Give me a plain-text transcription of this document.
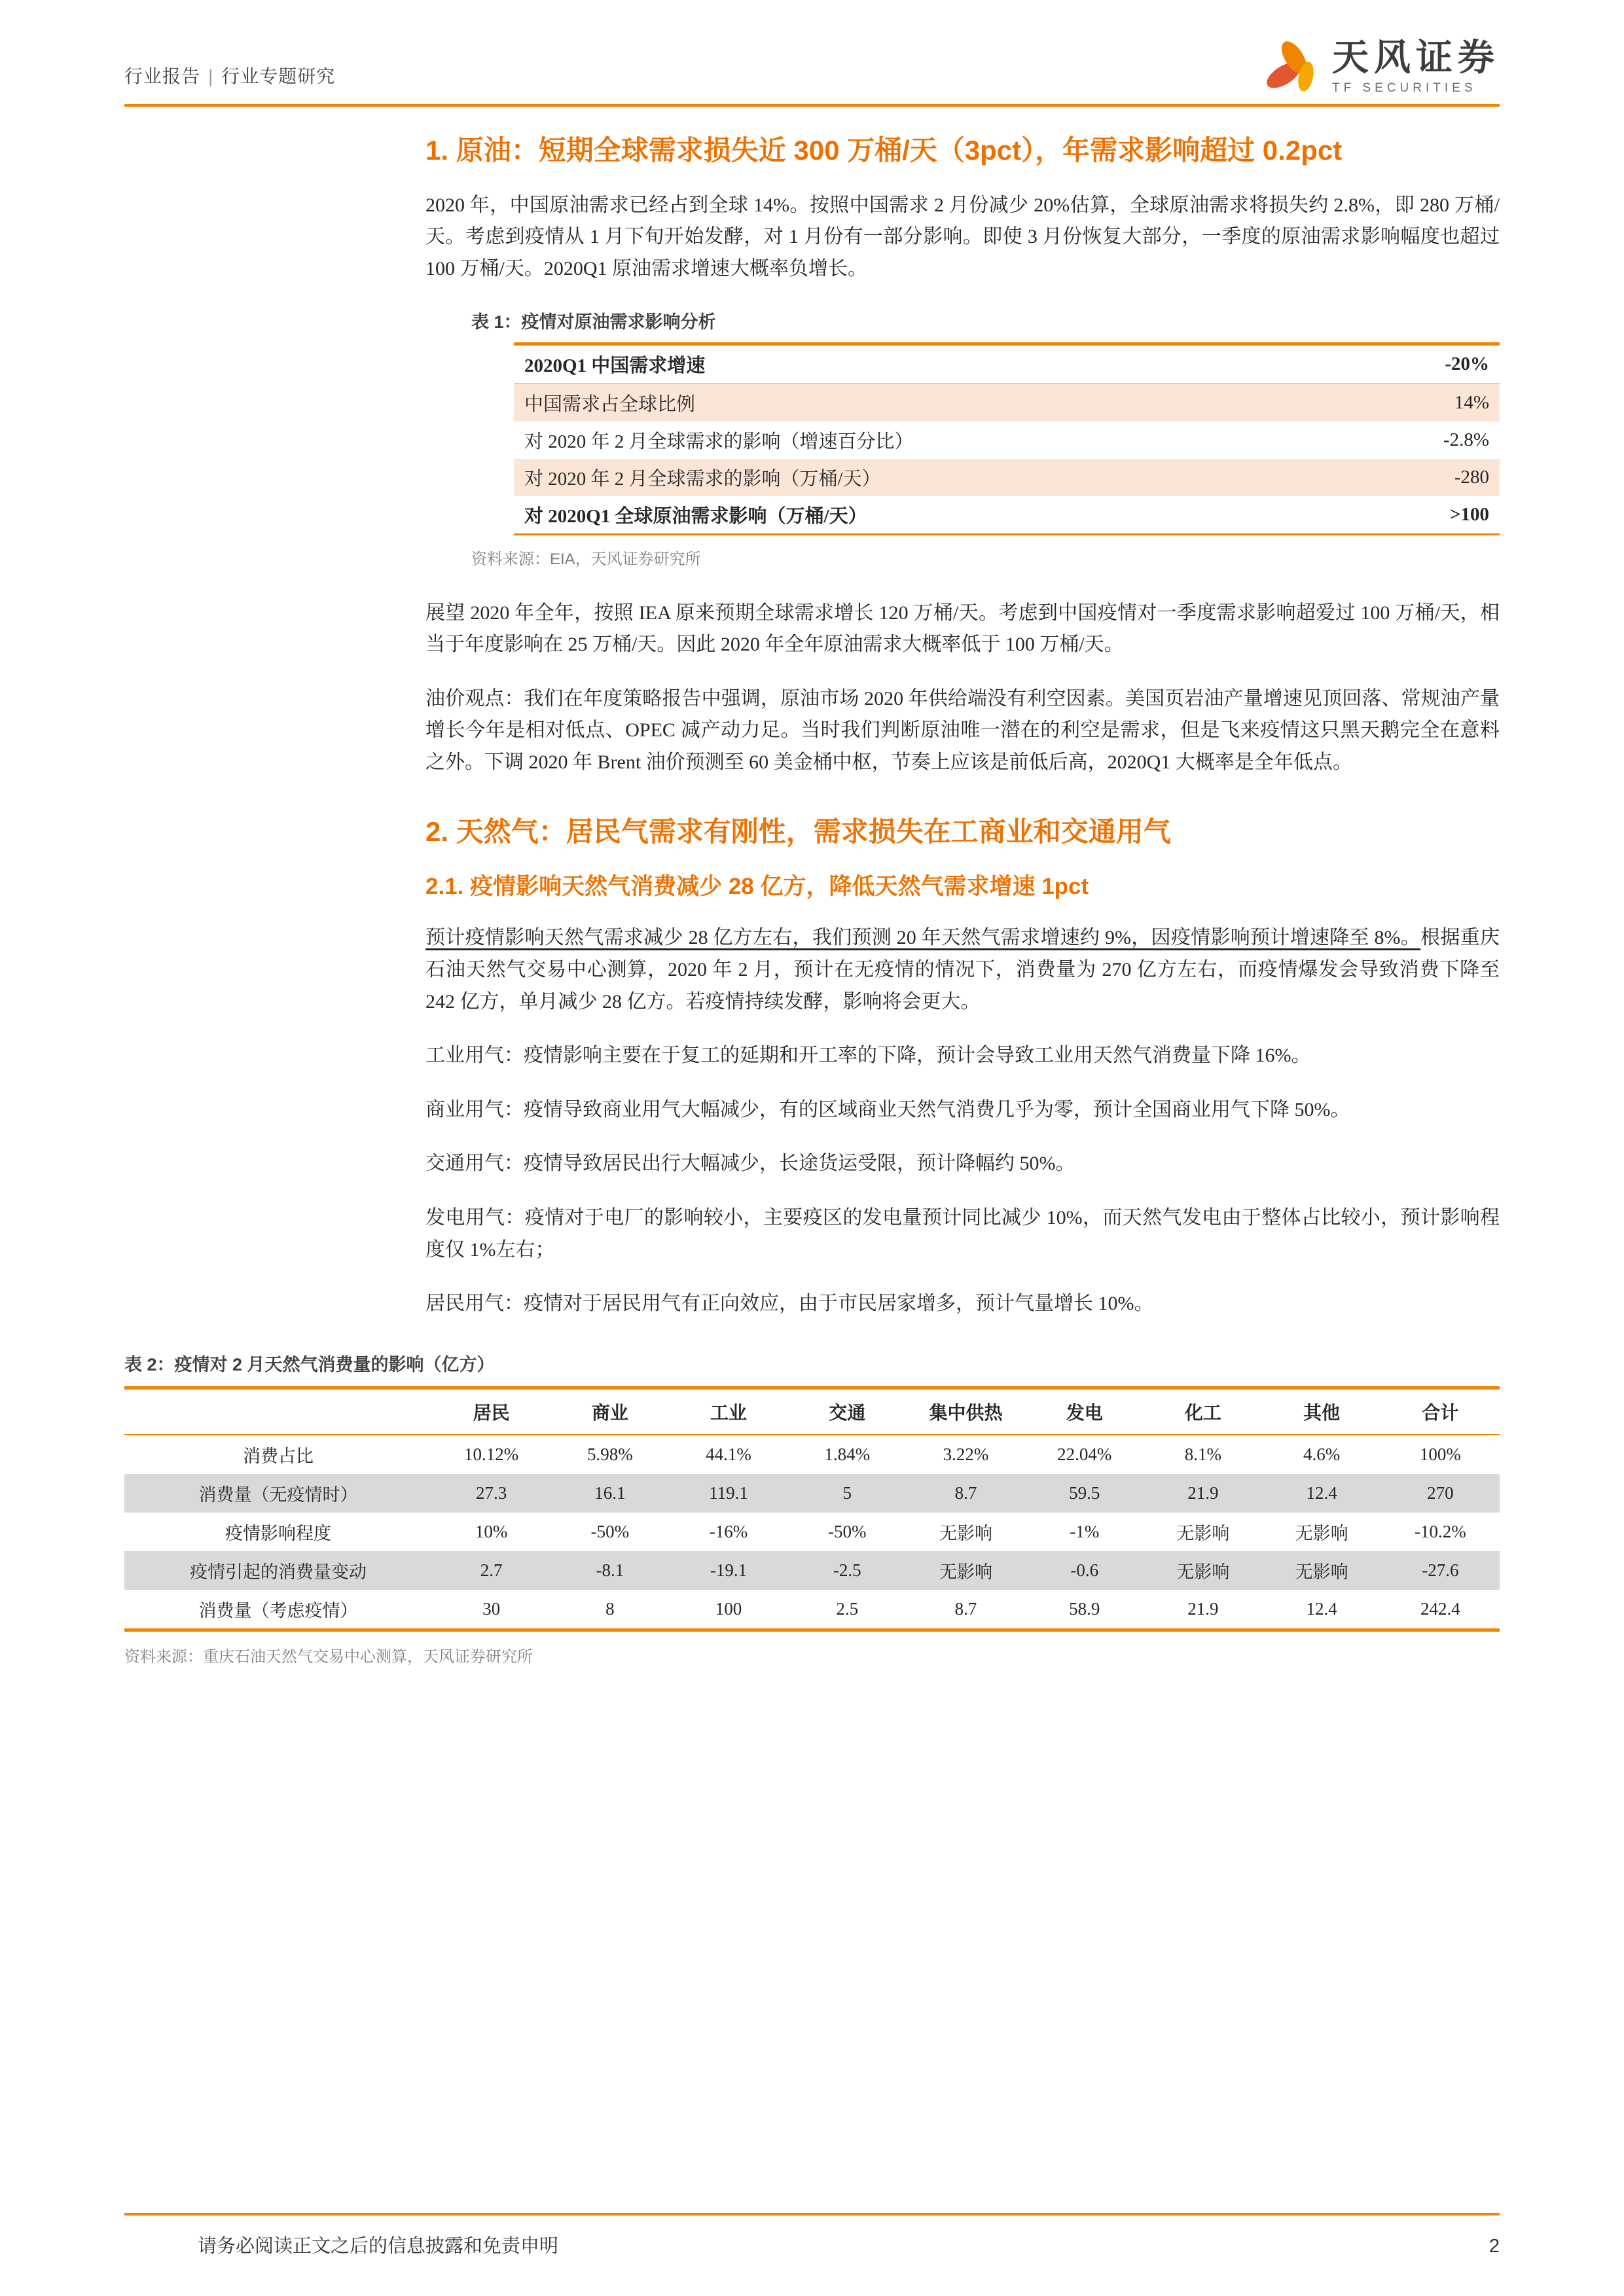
行业报告 | 行业专题研究	天风证券
TF SECURITIES
1. 原油：短期全球需求损失近 300 万桶/天（3pct），年需求影响超过 0.2pct

2020 年，中国原油需求已经占到全球 14%。按照中国需求 2 月份减少 20%估算，全球原油需求将损失约 2.8%，即 280 万桶/天。考虑到疫情从 1 月下旬开始发酵，对 1 月份有一部分影响。即使 3 月份恢复大部分，一季度的原油需求影响幅度也超过 100 万桶/天。2020Q1 原油需求增速大概率负增长。

表 1：疫情对原油需求影响分析
2020Q1 中国需求增速	-20%
中国需求占全球比例	14%
对 2020 年 2 月全球需求的影响（增速百分比）	-2.8%
对 2020 年 2 月全球需求的影响（万桶/天）	-280
对 2020Q1 全球原油需求影响（万桶/天）	>100
资料来源：EIA，天风证券研究所

展望 2020 年全年，按照 IEA 原来预期全球需求增长 120 万桶/天。考虑到中国疫情对一季度需求影响超爱过 100 万桶/天，相当于年度影响在 25 万桶/天。因此 2020 年全年原油需求大概率低于 100 万桶/天。

油价观点：我们在年度策略报告中强调，原油市场 2020 年供给端没有利空因素。美国页岩油产量增速见顶回落、常规油产量增长今年是相对低点、OPEC 减产动力足。当时我们判断原油唯一潜在的利空是需求，但是飞来疫情这只黑天鹅完全在意料之外。下调 2020 年 Brent 油价预测至 60 美金桶中枢，节奏上应该是前低后高，2020Q1 大概率是全年低点。

2. 天然气：居民气需求有刚性，需求损失在工商业和交通用气
2.1. 疫情影响天然气消费减少 28 亿方，降低天然气需求增速 1pct

预计疫情影响天然气需求减少 28 亿方左右，我们预测 20 年天然气需求增速约 9%，因疫情影响预计增速降至 8%。根据重庆石油天然气交易中心测算，2020 年 2 月，预计在无疫情的情况下，消费量为 270 亿方左右，而疫情爆发会导致消费下降至 242 亿方，单月减少 28 亿方。若疫情持续发酵，影响将会更大。

工业用气：疫情影响主要在于复工的延期和开工率的下降，预计会导致工业用天然气消费量下降 16%。

商业用气：疫情导致商业用气大幅减少，有的区域商业天然气消费几乎为零，预计全国商业用气下降 50%。

交通用气：疫情导致居民出行大幅减少，长途货运受限，预计降幅约 50%。

发电用气：疫情对于电厂的影响较小，主要疫区的发电量预计同比减少 10%，而天然气发电由于整体占比较小，预计影响程度仅 1%左右；

居民用气：疫情对于居民用气有正向效应，由于市民居家增多，预计气量增长 10%。

表 2：疫情对 2 月天然气消费量的影响（亿方）
	居民	商业	工业	交通	集中供热	发电	化工	其他	合计
消费占比	10.12%	5.98%	44.1%	1.84%	3.22%	22.04%	8.1%	4.6%	100%
消费量（无疫情时）	27.3	16.1	119.1	5	8.7	59.5	21.9	12.4	270
疫情影响程度	10%	-50%	-16%	-50%	无影响	-1%	无影响	无影响	-10.2%
疫情引起的消费量变动	2.7	-8.1	-19.1	-2.5	无影响	-0.6	无影响	无影响	-27.6
消费量（考虑疫情）	30	8	100	2.5	8.7	58.9	21.9	12.4	242.4
资料来源：重庆石油天然气交易中心测算，天风证券研究所
请务必阅读正文之后的信息披露和免责申明	2
